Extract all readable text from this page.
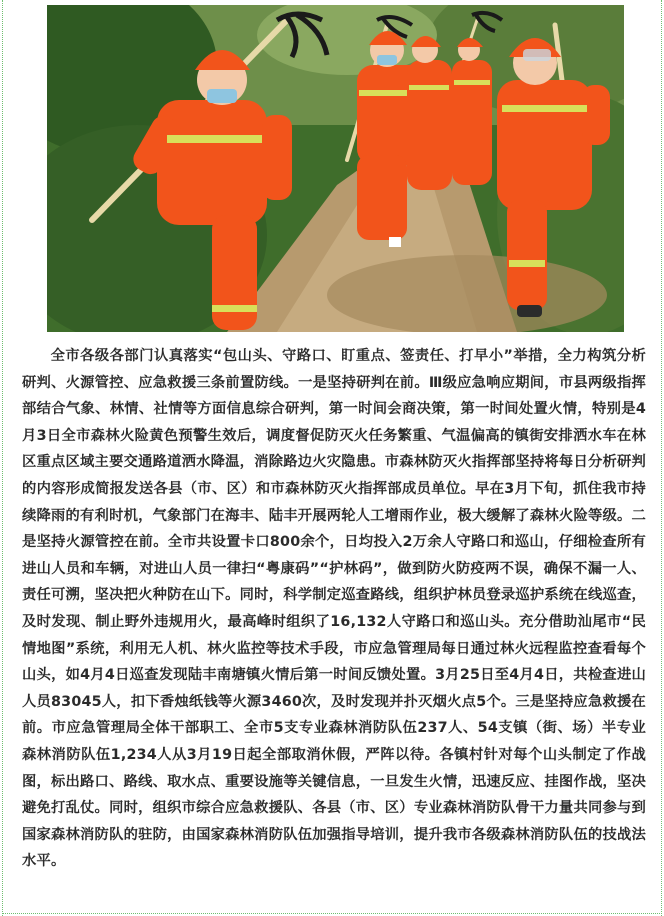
全市各级各部门认真落实“包山头、守路口、盯重点、签责任、打早小”举措，全力构筑分析研判、火源管控、应急救援三条前置防线。一是坚持研判在前。Ⅲ级应急响应期间，市县两级指挥部结合气象、林情、社情等方面信息综合研判，第一时间会商决策，第一时间处置火情，特别是4月3日全市森林火险黄色预警生效后，调度督促防灭火任务繁重、气温偏高的镇街安排洒水车在林区重点区域主要交通路道洒水降温，消除路边火灾隐患。市森林防灭火指挥部坚持将每日分析研判的内容形成简报发送各县（市、区）和市森林防灭火指挥部成员单位。早在3月下旬，抓住我市持续降雨的有利时机，气象部门在海丰、陆丰开展两轮人工增雨作业，极大缓解了森林火险等级。二是坚持火源管控在前。全市共设置卡口800余个，日均投入2万余人守路口和巡山，仔细检查所有进山人员和车辆，对进山人员一律扫“粤康码”“护林码”，做到防火防疫两不误，确保不漏一人、责任可溯，坚决把火种防在山下。同时，科学制定巡查路线，组织护林员登录巡护系统在线巡查，及时发现、制止野外违规用火，最高峰时组织了16,132人守路口和巡山头。充分借助汕尾市“民情地图”系统，利用无人机、林火监控等技术手段，市应急管理局每日通过林火远程监控查看每个山头，如4月4日巡查发现陆丰南塘镇火情后第一时间反馈处置。3月25日至4月4日，共检查进山人员83045人，扣下香烛纸钱等火源3460次，及时发现并扑灭烟火点5个。三是坚持应急救援在前。市应急管理局全体干部职工、全市5支专业森林消防队伍237人、54支镇（街、场）半专业森林消防队伍1,234人从3月19日起全部取消休假，严阵以待。各镇村针对每个山头制定了作战图，标出路口、路线、取水点、重要设施等关键信息，一旦发生火情，迅速反应、挂图作战，坚决避免打乱仗。同时，组织市综合应急救援队、各县（市、区）专业森林消防队骨干力量共同参与到国家森林消防队的驻防，由国家森林消防队伍加强指导培训，提升我市各级森林消防队伍的技战法水平。
